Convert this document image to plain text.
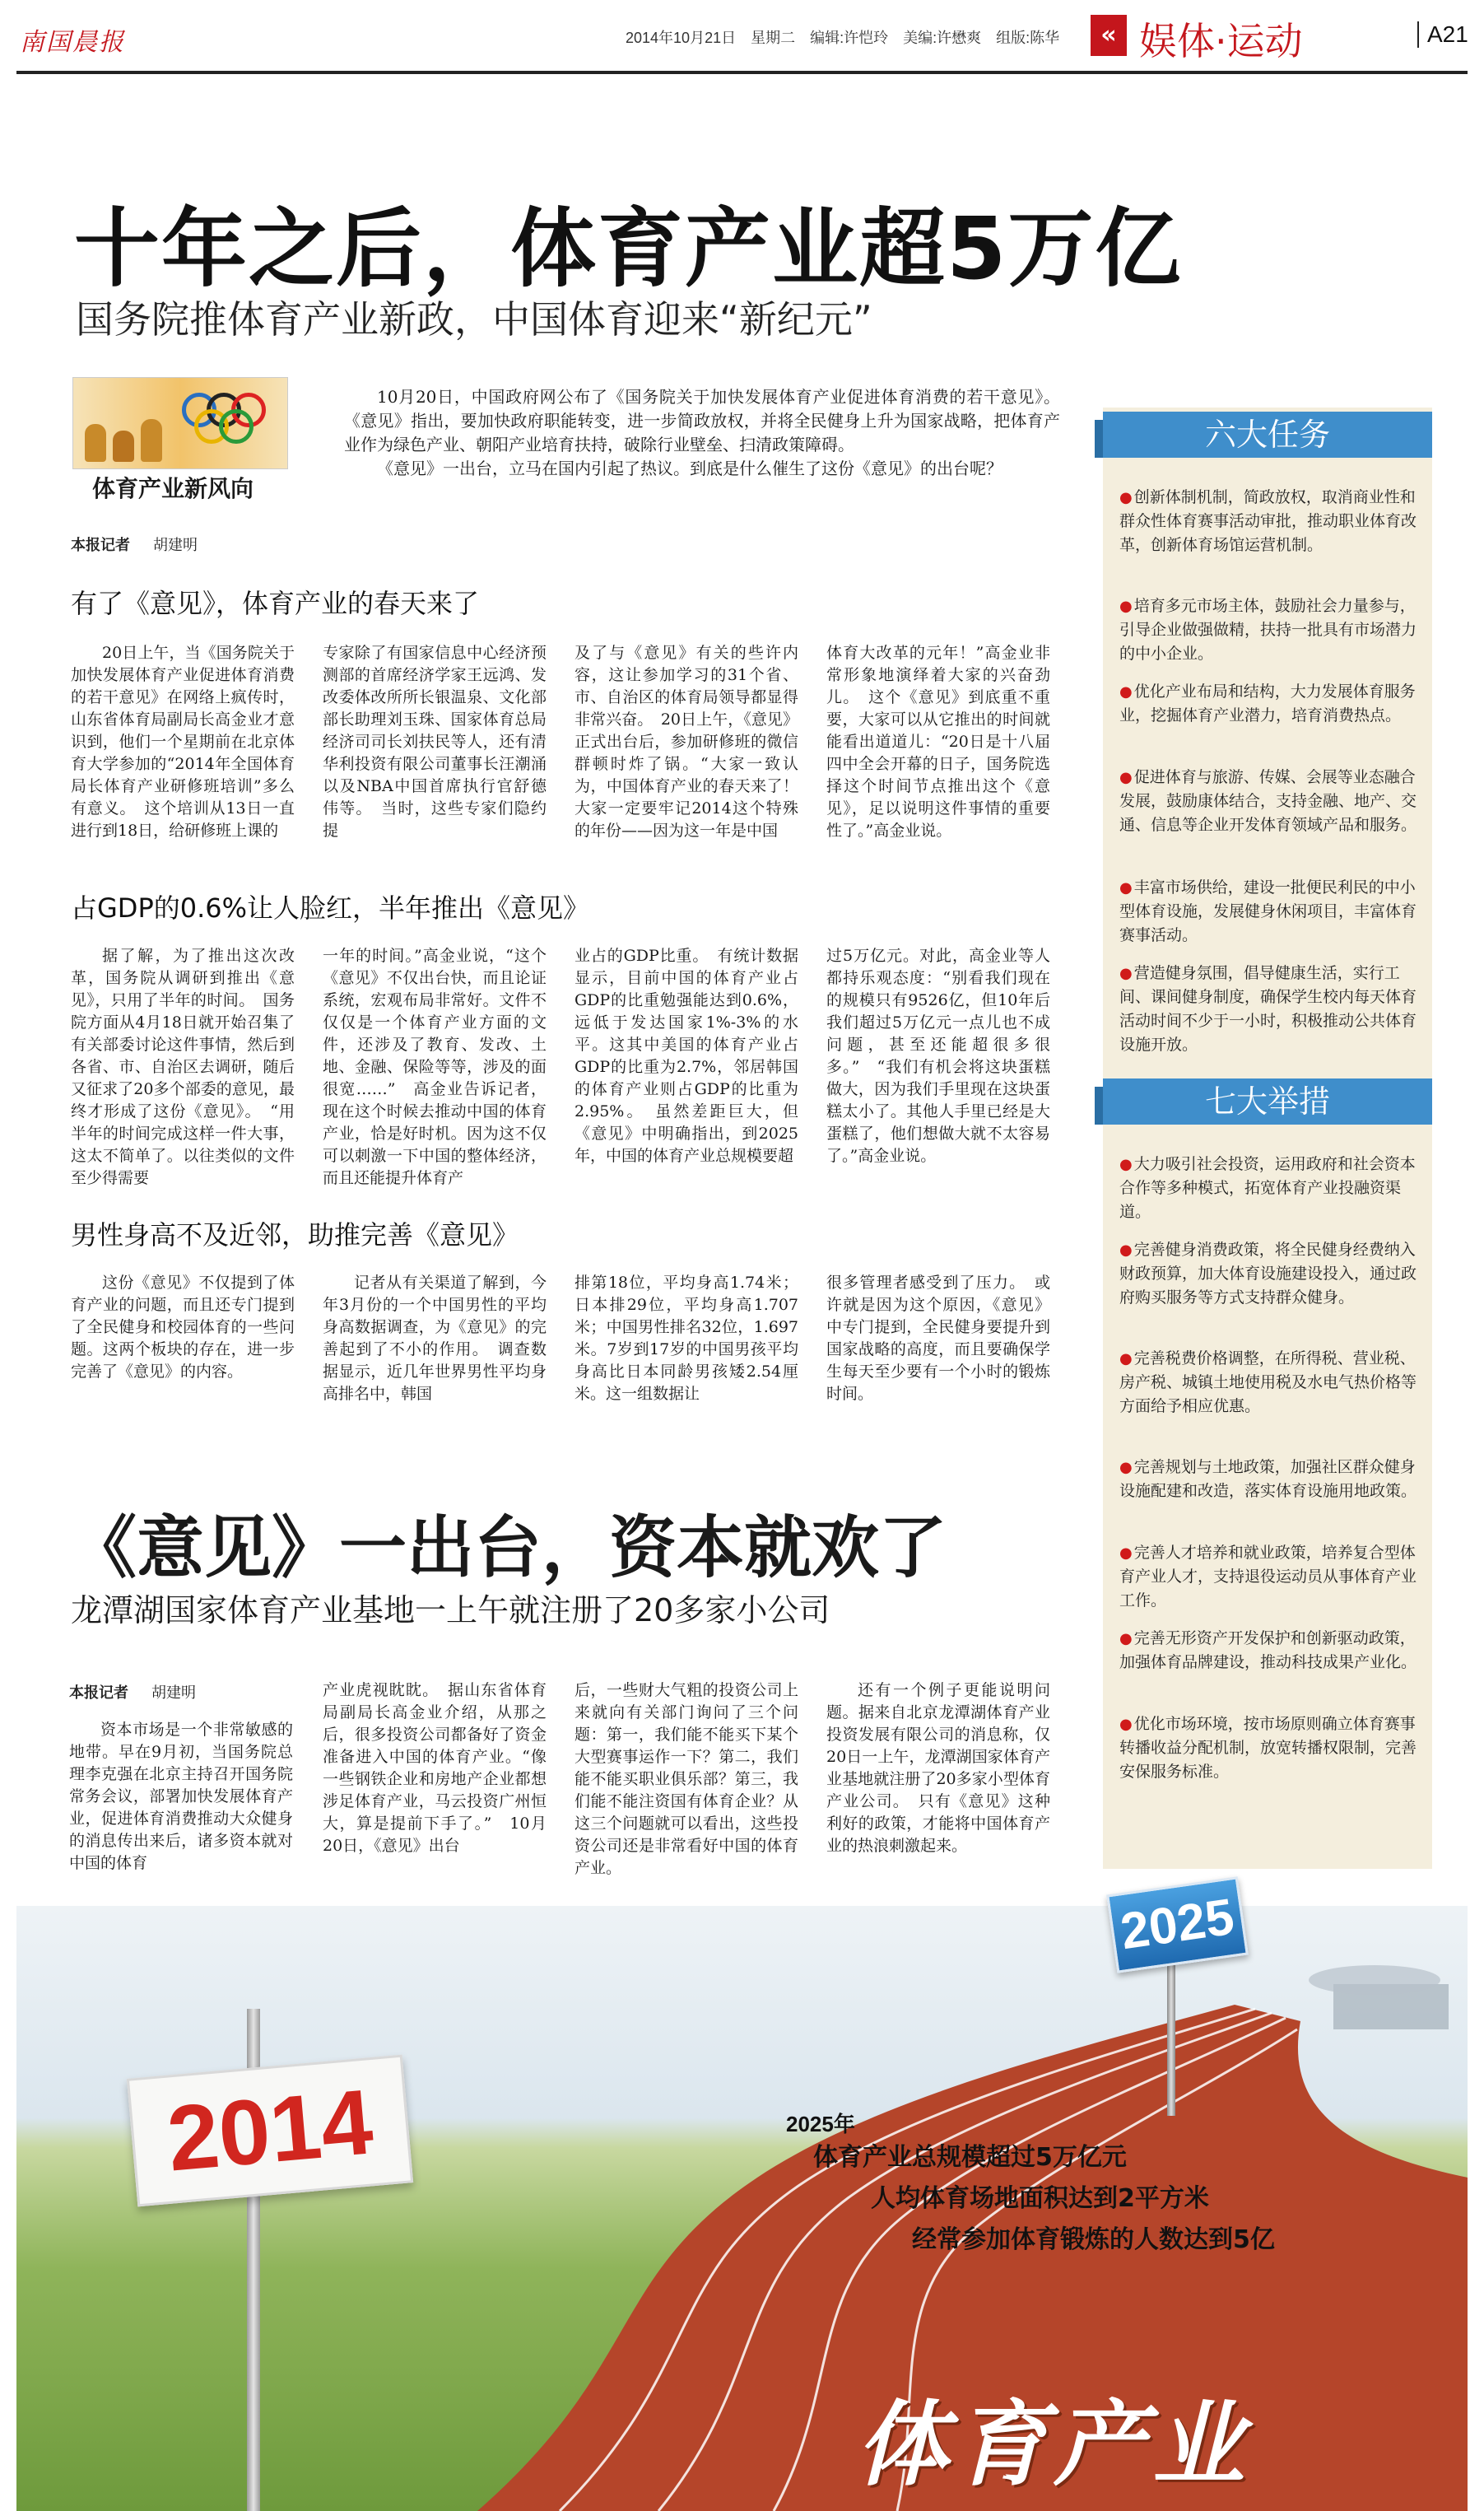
南国晨报	2014年10月21日　星期二　编辑:许恺玲　美编:许懋爽　组版:陈华	« 娱体·运动	A21
十年之后，体育产业超5万亿
国务院推体育产业新政，中国体育迎来“新纪元”
体育产业新风向

10月20日，中国政府网公布了《国务院关于加快发展体育产业促进体育消费的若干意见》。《意见》指出，要加快政府职能转变，进一步简政放权，并将全民健身上升为国家战略，把体育产业作为绿色产业、朝阳产业培育扶持，破除行业壁垒、扫清政策障碍。

《意见》一出台，立马在国内引起了热议。到底是什么催生了这份《意见》的出台呢？

本报记者 胡建明
有了《意见》，体育产业的春天来了

20日上午，当《国务院关于加快发展体育产业促进体育消费的若干意见》在网络上疯传时，山东省体育局副局长高金业才意识到，他们一个星期前在北京体育大学参加的“2014年全国体育局长体育产业研修班培训”多么有意义。　这个培训从13日一直进行到18日，给研修班上课的

专家除了有国家信息中心经济预测部的首席经济学家王远鸿、发改委体改所所长银温泉、文化部部长助理刘玉珠、国家体育总局经济司司长刘扶民等人，还有清华利投资有限公司董事长汪潮涌以及NBA中国首席执行官舒德伟等。　当时，这些专家们隐约提

及了与《意见》有关的些许内容，这让参加学习的31个省、市、自治区的体育局领导都显得非常兴奋。　20日上午，《意见》正式出台后，参加研修班的微信群顿时炸了锅。“大家一致认为，中国体育产业的春天来了！大家一定要牢记2014这个特殊的年份——因为这一年是中国

体育大改革的元年！”高金业非常形象地演绎着大家的兴奋劲儿。　这个《意见》到底重不重要，大家可以从它推出的时间就能看出道道儿：“20日是十八届四中全会开幕的日子，国务院选择这个时间节点推出这个《意见》，足以说明这件事情的重要性了。”高金业说。

占GDP的0.6%让人脸红，半年推出《意见》

据了解，为了推出这次改革，国务院从调研到推出《意见》，只用了半年的时间。　国务院方面从4月18日就开始召集了有关部委讨论这件事情，然后到各省、市、自治区去调研，随后又征求了20多个部委的意见，最终才形成了这份《意见》。　“用半年的时间完成这样一件大事，这太不简单了。以往类似的文件至少得需要

一年的时间。”高金业说，“这个《意见》不仅出台快，而且论证系统，宏观布局非常好。文件不仅仅是一个体育产业方面的文件，还涉及了教育、发改、土地、金融、保险等等，涉及的面很宽……”　高金业告诉记者，现在这个时候去推动中国的体育产业，恰是好时机。因为这不仅可以刺激一下中国的整体经济，而且还能提升体育产

业占的GDP比重。　有统计数据显示，目前中国的体育产业占GDP的比重勉强能达到0.6%，远低于发达国家1%-3%的水平。这其中美国的体育产业占GDP的比重为2.7%，邻居韩国的体育产业则占GDP的比重为2.95%。　虽然差距巨大，但《意见》中明确指出，到2025年，中国的体育产业总规模要超

过5万亿元。对此，高金业等人都持乐观态度：“别看我们现在的规模只有9526亿，但10年后我们超过5万亿元一点儿也不成问题，甚至还能超很多很多。”　“我们有机会将这块蛋糕做大，因为我们手里现在这块蛋糕太小了。其他人手里已经是大蛋糕了，他们想做大就不太容易了。”高金业说。

男性身高不及近邻，助推完善《意见》

这份《意见》不仅提到了体育产业的问题，而且还专门提到了全民健身和校园体育的一些问题。这两个板块的存在，进一步完善了《意见》的内容。

记者从有关渠道了解到，今年3月份的一个中国男性的平均身高数据调查，为《意见》的完善起到了不小的作用。　调查数据显示，近几年世界男性平均身高排名中，韩国

排第18位，平均身高1.74米；日本排29位，平均身高1.707米；中国男性排名32位，1.697米。7岁到17岁的中国男孩平均身高比日本同龄男孩矮2.54厘米。这一组数据让

很多管理者感受到了压力。　或许就是因为这个原因，《意见》中专门提到，全民健身要提升到国家战略的高度，而且要确保学生每天至少要有一个小时的锻炼时间。

六大任务
● 创新体制机制，简政放权，取消商业性和群众性体育赛事活动审批，推动职业体育改革，创新体育场馆运营机制。
● 培育多元市场主体，鼓励社会力量参与，引导企业做强做精，扶持一批具有市场潜力的中小企业。
● 优化产业布局和结构，大力发展体育服务业，挖掘体育产业潜力，培育消费热点。
● 促进体育与旅游、传媒、会展等业态融合发展，鼓励康体结合，支持金融、地产、交通、信息等企业开发体育领域产品和服务。
● 丰富市场供给，建设一批便民利民的中小型体育设施，发展健身休闲项目，丰富体育赛事活动。
● 营造健身氛围，倡导健康生活，实行工间、课间健身制度，确保学生校内每天体育活动时间不少于一小时，积极推动公共体育设施开放。
七大举措
● 大力吸引社会投资，运用政府和社会资本合作等多种模式，拓宽体育产业投融资渠道。
● 完善健身消费政策，将全民健身经费纳入财政预算，加大体育设施建设投入，通过政府购买服务等方式支持群众健身。
● 完善税费价格调整，在所得税、营业税、房产税、城镇土地使用税及水电气热价格等方面给予相应优惠。
● 完善规划与土地政策，加强社区群众健身设施配建和改造，落实体育设施用地政策。
● 完善人才培养和就业政策，培养复合型体育产业人才，支持退役运动员从事体育产业工作。
● 完善无形资产开发保护和创新驱动政策，加强体育品牌建设，推动科技成果产业化。
● 优化市场环境，按市场原则确立体育赛事转播收益分配机制，放宽转播权限制，完善安保服务标准。
《意见》一出台，资本就欢了
龙潭湖国家体育产业基地一上午就注册了20多家小公司
本报记者 胡建明

资本市场是一个非常敏感的地带。早在9月初，当国务院总理李克强在北京主持召开国务院常务会议，部署加快发展体育产业，促进体育消费推动大众健身的消息传出来后，诸多资本就对中国的体育

产业虎视眈眈。　据山东省体育局副局长高金业介绍，从那之后，很多投资公司都备好了资金准备进入中国的体育产业。“像一些钢铁企业和房地产企业都想涉足体育产业，马云投资广州恒大，算是提前下手了。”　10月20日，《意见》出台

后，一些财大气粗的投资公司上来就向有关部门询问了三个问题：第一，我们能不能买下某个大型赛事运作一下？第二，我们能不能买职业俱乐部？第三，我们能不能注资国有体育企业？从这三个问题就可以看出，这些投资公司还是非常看好中国的体育产业。

还有一个例子更能说明问题。据来自北京龙潭湖体育产业投资发展有限公司的消息称，仅20日一上午，龙潭湖国家体育产业基地就注册了20多家小型体育产业公司。　只有《意见》这种利好的政策，才能将中国体育产业的热浪刺激起来。

2014
2025
2025年
体育产业总规模超过5万亿元
人均体育场地面积达到2平方米
经常参加体育锻炼的人数达到5亿
体育产业
